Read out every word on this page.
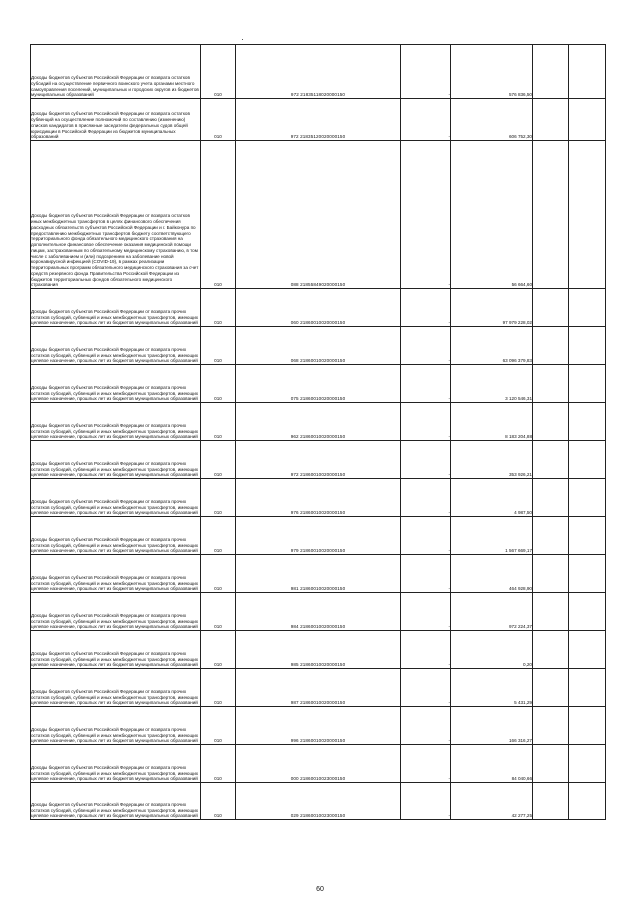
Доходы бюджетов субъектов Российской Федерации от возврата остатков субсидий на осуществление первичного воинского учета органами местного самоуправления поселений, муниципальных и городских округов из бюджетов муниципальных образований	010	972 21835118020000150	-	576 836,50		
Доходы бюджетов субъектов Российской Федерации от возврата остатков субвенций на осуществление полномочий по составлению (изменению) списков кандидатов в присяжные заседатели федеральных судов общей юрисдикции в Российской Федерации из бюджетов муниципальных образований	010	972 21835120020000150	-	606 752,30		
Доходы бюджетов субъектов Российской Федерации от возврата остатков иных межбюджетных трансфертов в целях финансового обеспечения расходных обязательств субъектов Российской Федерации и г. Байконура по предоставлению межбюджетных трансфертов бюджету соответствующего территориального фонда обязательного медицинского страхования на дополнительное финансовое обеспечение оказания медицинской помощи лицам, застрахованным по обязательному медицинскому страхованию, в том числе с заболеванием и (или) подозрением на заболевание новой коронавирусной инфекцией (COVID-19), в рамках реализации территориальных программ обязательного медицинского страхования за счет средств резервного фонда Правительства Российской Федерации из бюджетов территориальных фондов обязательного медицинского страхования	010	088 21855849020000150	-	56 664,60		
Доходы бюджетов субъектов Российской Федерации от возврата прочих остатков субсидий, субвенций и иных межбюджетных трансфертов, имеющих целевое назначение, прошлых лет из бюджетов муниципальных образований	010	060 21860010020000150	-	97 979 228,02		
Доходы бюджетов субъектов Российской Федерации от возврата прочих остатков субсидий, субвенций и иных межбюджетных трансфертов, имеющих целевое назначение, прошлых лет из бюджетов муниципальных образований	010	068 21860010020000150	-	63 096 379,83		
Доходы бюджетов субъектов Российской Федерации от возврата прочих остатков субсидий, субвенций и иных межбюджетных трансфертов, имеющих целевое назначение, прошлых лет из бюджетов муниципальных образований	010	075 21860010020000150	-	3 120 546,31		
Доходы бюджетов субъектов Российской Федерации от возврата прочих остатков субсидий, субвенций и иных межбюджетных трансфертов, имеющих целевое назначение, прошлых лет из бюджетов муниципальных образований	010	962 21860010020000150	-	8 183 204,88		
Доходы бюджетов субъектов Российской Федерации от возврата прочих остатков субсидий, субвенций и иных межбюджетных трансфертов, имеющих целевое назначение, прошлых лет из бюджетов муниципальных образований	010	972 21860010020000150	-	353 926,21		
Доходы бюджетов субъектов Российской Федерации от возврата прочих остатков субсидий, субвенций и иных межбюджетных трансфертов, имеющих целевое назначение, прошлых лет из бюджетов муниципальных образований	010	976 21860010020000150	-	4 987,50		
Доходы бюджетов субъектов Российской Федерации от возврата прочих остатков субсидий, субвенций и иных межбюджетных трансфертов, имеющих целевое назначение, прошлых лет из бюджетов муниципальных образований	010	979 21860010020000150	-	1 567 669,17		
Доходы бюджетов субъектов Российской Федерации от возврата прочих остатков субсидий, субвенций и иных межбюджетных трансфертов, имеющих целевое назначение, прошлых лет из бюджетов муниципальных образований	010	981 21860010020000150	-	464 928,90		
Доходы бюджетов субъектов Российской Федерации от возврата прочих остатков субсидий, субвенций и иных межбюджетных трансфертов, имеющих целевое назначение, прошлых лет из бюджетов муниципальных образований	010	984 21860010020000150	-	972 224,37		
Доходы бюджетов субъектов Российской Федерации от возврата прочих остатков субсидий, субвенций и иных межбюджетных трансфертов, имеющих целевое назначение, прошлых лет из бюджетов муниципальных образований	010	985 21860010020000150	-	0,20		
Доходы бюджетов субъектов Российской Федерации от возврата прочих остатков субсидий, субвенций и иных межбюджетных трансфертов, имеющих целевое назначение, прошлых лет из бюджетов муниципальных образований	010	987 21860010020000150	-	5 431,29		
Доходы бюджетов субъектов Российской Федерации от возврата прочих остатков субсидий, субвенций и иных межбюджетных трансфертов, имеющих целевое назначение, прошлых лет из бюджетов муниципальных образований	010	996 21860010020000150	-	166 316,27		
Доходы бюджетов субъектов Российской Федерации от возврата прочих остатков субсидий, субвенций и иных межбюджетных трансфертов, имеющих целевое назначение, прошлых лет из бюджетов муниципальных образований	010	000 21860010023000150	-	84 040,66		
Доходы бюджетов субъектов Российской Федерации от возврата прочих остатков субсидий, субвенций и иных межбюджетных трансфертов, имеющих целевое назначение, прошлых лет из бюджетов муниципальных образований	010	029 21860010023000150	-	42 277,25		
60
